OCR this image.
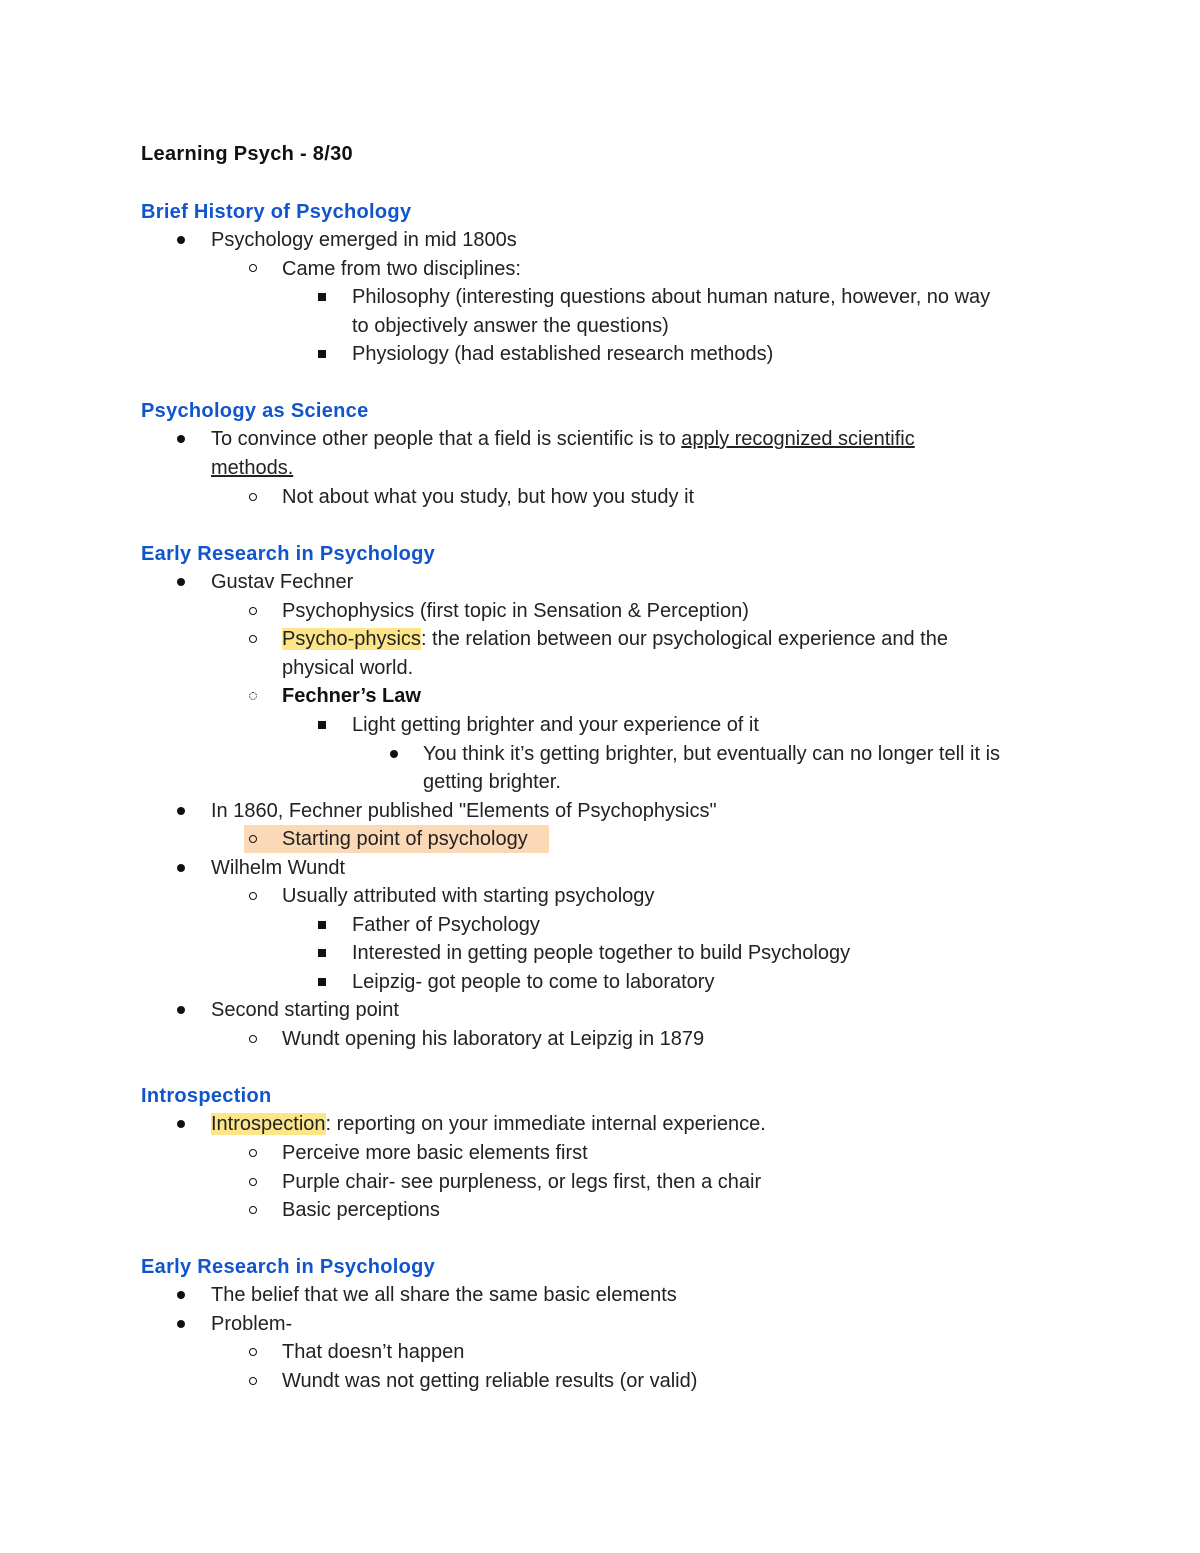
Learning Psych - 8/30
Brief History of Psychology
Psychology emerged in mid 1800s
Came from two disciplines:
Philosophy (interesting questions about human nature, however, no way
to objectively answer the questions)
Physiology (had established research methods)
Psychology as Science
To convince other people that a field is scientific is to apply recognized scientific
methods.
Not about what you study, but how you study it
Early Research in Psychology
Gustav Fechner
Psychophysics (first topic in Sensation & Perception)
Psycho-physics: the relation between our psychological experience and the
physical world.
Fechner’s Law
Light getting brighter and your experience of it
You think it’s getting brighter, but eventually can no longer tell it is
getting brighter.
In 1860, Fechner published "Elements of Psychophysics"
Starting point of psychology
Wilhelm Wundt
Usually attributed with starting psychology
Father of Psychology
Interested in getting people together to build Psychology
Leipzig- got people to come to laboratory
Second starting point
Wundt opening his laboratory at Leipzig in 1879
Introspection
Introspection: reporting on your immediate internal experience.
Perceive more basic elements first
Purple chair- see purpleness, or legs first, then a chair
Basic perceptions
Early Research in Psychology
The belief that we all share the same basic elements
Problem-
That doesn’t happen
Wundt was not getting reliable results (or valid)
